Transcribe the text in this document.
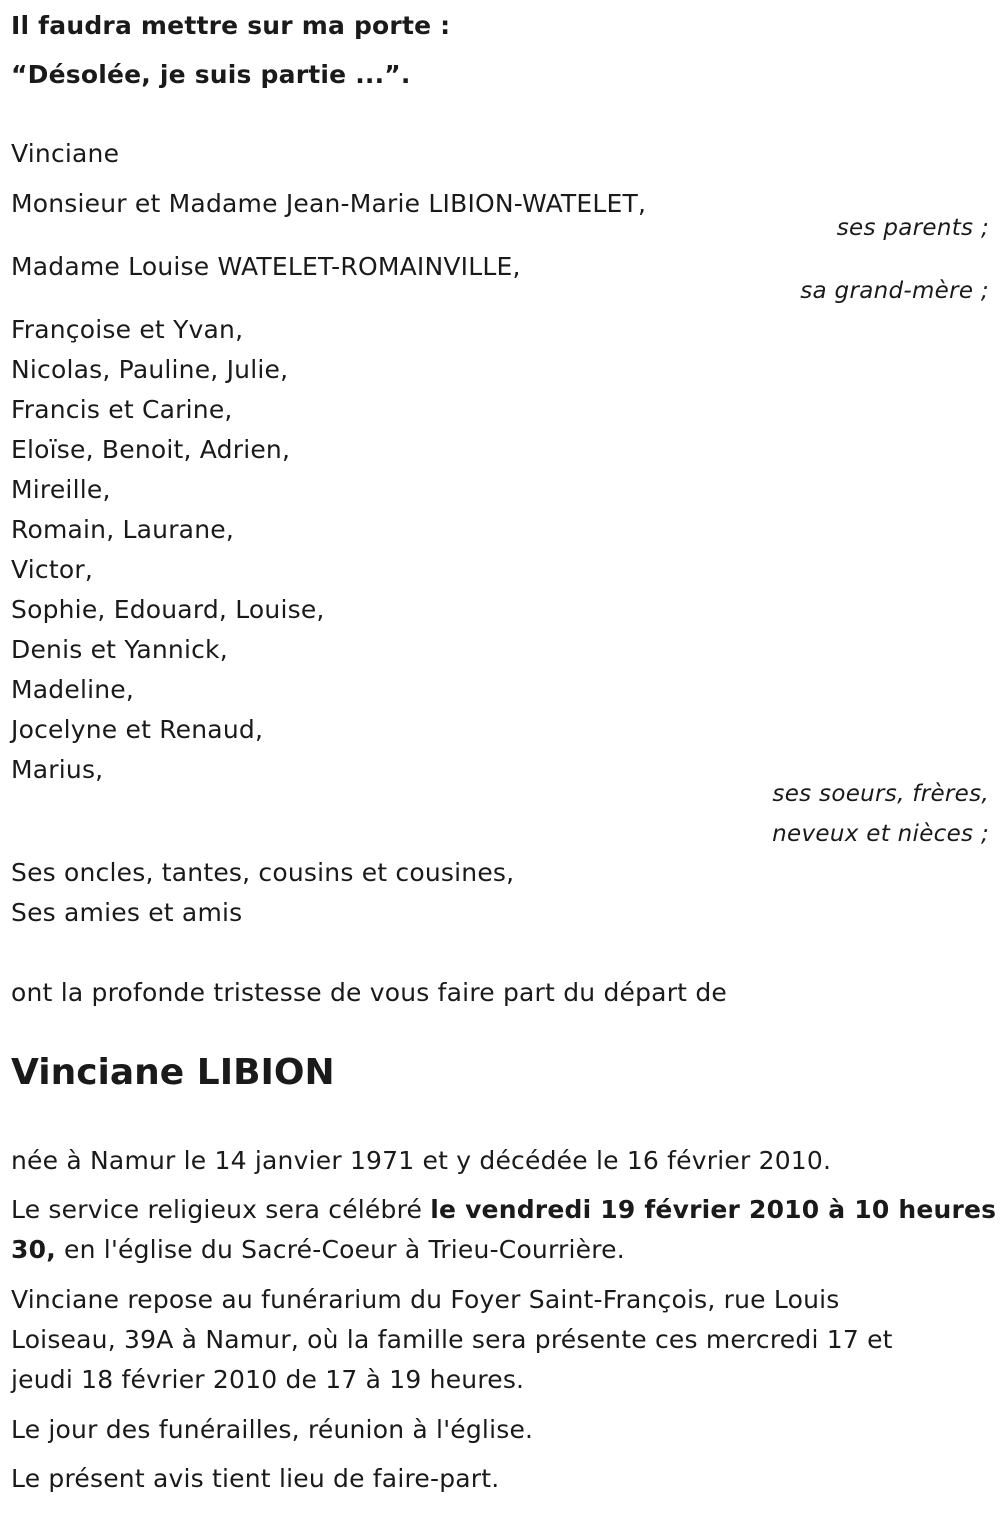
Il faudra mettre sur ma porte :
“Désolée, je suis partie ...”.
Vinciane
Monsieur et Madame Jean-Marie LIBION-WATELET,
ses parents ;
Madame Louise WATELET-ROMAINVILLE,
sa grand-mère ;
Françoise et Yvan,
Nicolas, Pauline, Julie,
Francis et Carine,
Eloïse, Benoit, Adrien,
Mireille,
Romain, Laurane,
Victor,
Sophie, Edouard, Louise,
Denis et Yannick,
Madeline,
Jocelyne et Renaud,
Marius,
ses soeurs, frères,
neveux et nièces ;
Ses oncles, tantes, cousins et cousines,
Ses amies et amis
ont la profonde tristesse de vous faire part du départ de
Vinciane LIBION
née à Namur le 14 janvier 1971 et y décédée le 16 février 2010.
Le service religieux sera célébré le vendredi 19 février 2010 à 10 heures
30, en l'église du Sacré-Coeur à Trieu-Courrière.
Vinciane repose au funérarium du Foyer Saint-François, rue Louis
Loiseau, 39A à Namur, où la famille sera présente ces mercredi 17 et
jeudi 18 février 2010 de 17 à 19 heures.
Le jour des funérailles, réunion à l'église.
Le présent avis tient lieu de faire-part.
